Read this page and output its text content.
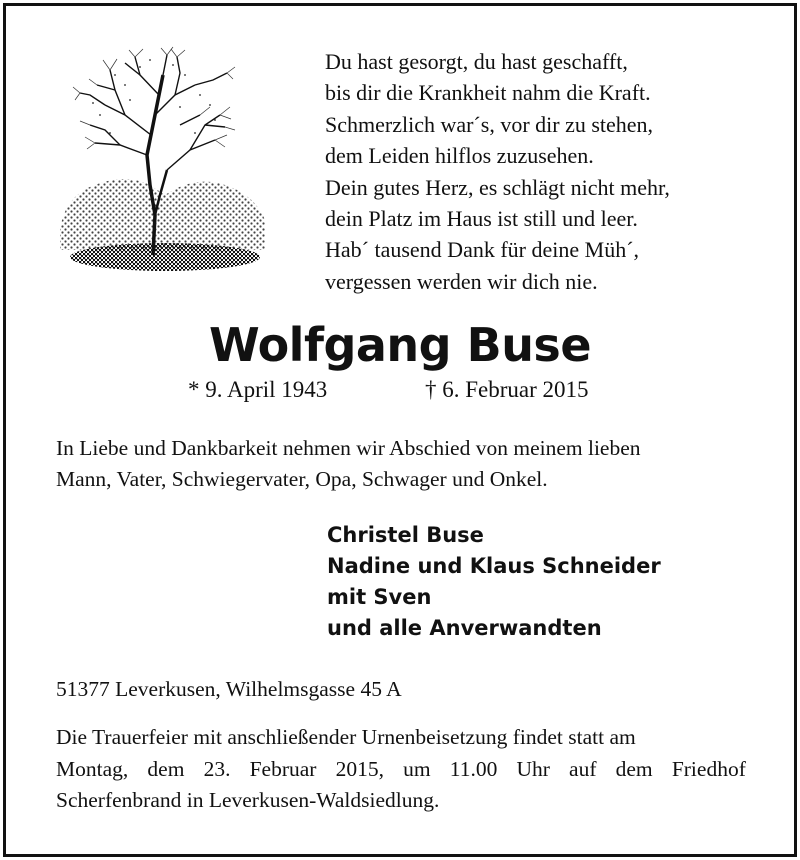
Du hast gesorgt, du hast geschafft,
bis dir die Krankheit nahm die Kraft.
Schmerzlich war´s, vor dir zu stehen,
dem Leiden hilflos zuzusehen.
Dein gutes Herz, es schlägt nicht mehr,
dein Platz im Haus ist still und leer.
Hab´ tausend Dank für deine Müh´,
vergessen werden wir dich nie.
Wolfgang Buse
* 9. April 1943	† 6. Februar 2015
In Liebe und Dankbarkeit nehmen wir Abschied von meinem lieben
Mann, Vater, Schwiegervater, Opa, Schwager und Onkel.
Christel Buse
Nadine und Klaus Schneider
mit Sven
und alle Anverwandten
51377 Leverkusen, Wilhelmsgasse 45 A
Die Trauerfeier mit anschließender Urnenbeisetzung findet statt am
Montag, dem 23. Februar 2015, um 11.00 Uhr auf dem Friedhof
Scherfenbrand in Leverkusen-Waldsiedlung.
